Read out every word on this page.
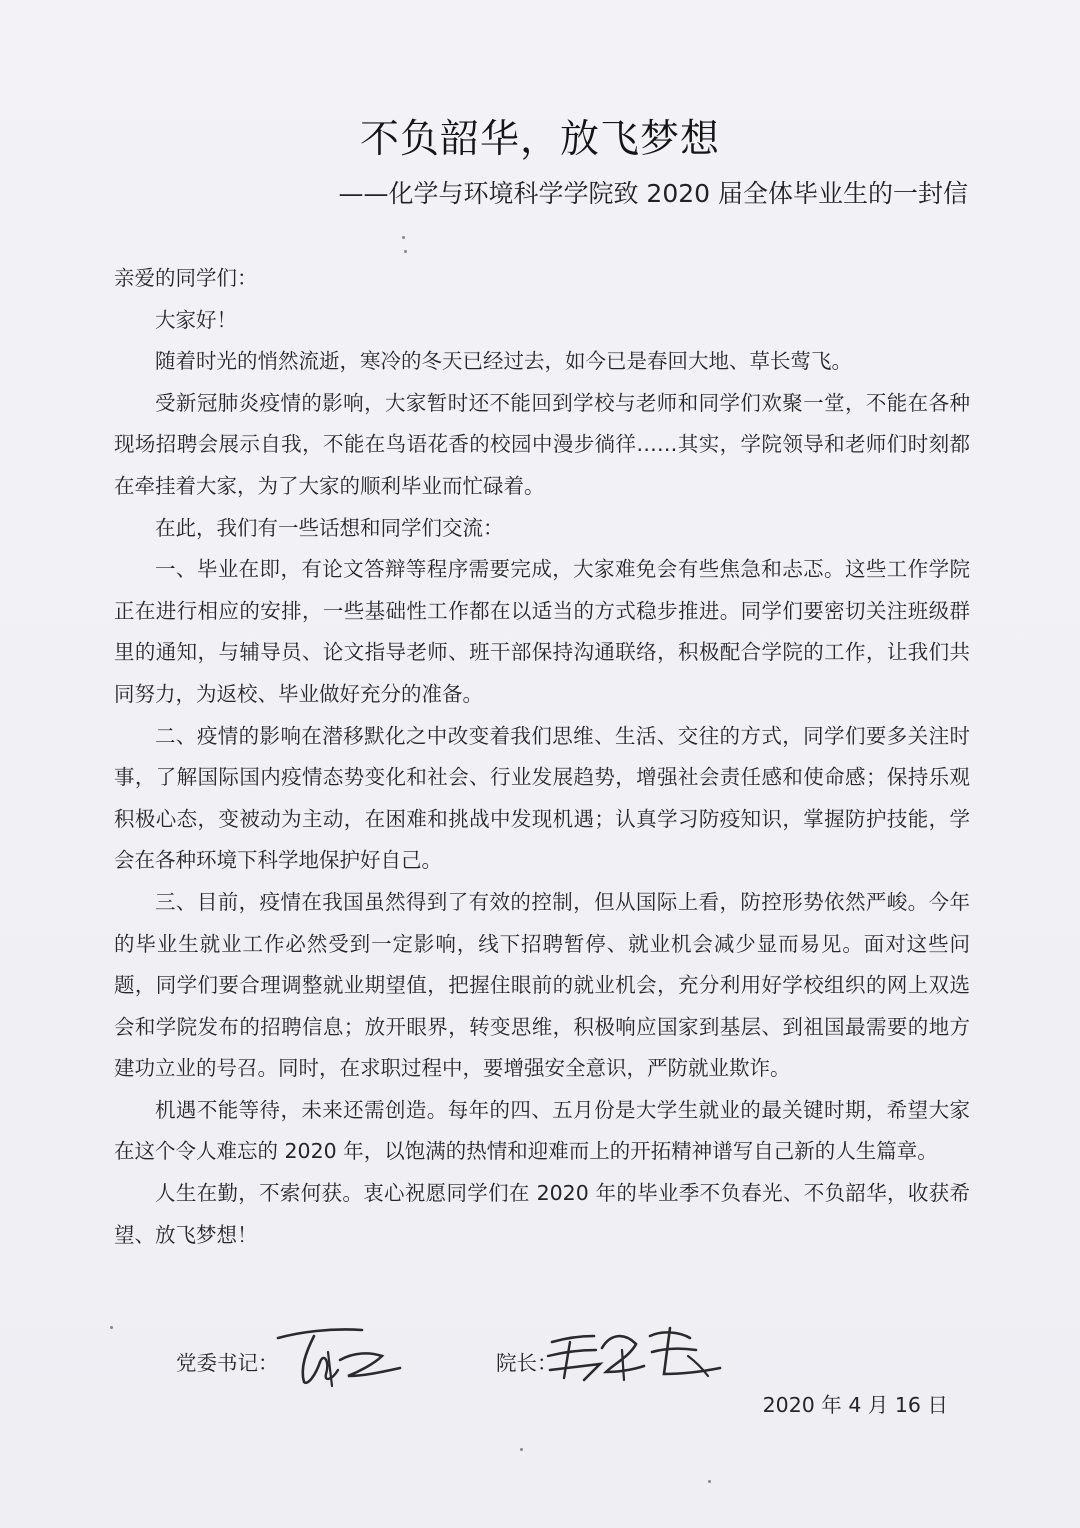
不负韶华，放飞梦想
——化学与环境科学学院致 2020 届全体毕业生的一封信

亲爱的同学们：

大家好！

随着时光的悄然流逝，寒冷的冬天已经过去，如今已是春回大地、草长莺飞。

受新冠肺炎疫情的影响，大家暂时还不能回到学校与老师和同学们欢聚一堂，不能在各种现场招聘会展示自我，不能在鸟语花香的校园中漫步徜徉……其实，学院领导和老师们时刻都在牵挂着大家，为了大家的顺利毕业而忙碌着。

在此，我们有一些话想和同学们交流：

一、毕业在即，有论文答辩等程序需要完成，大家难免会有些焦急和忐忑。这些工作学院正在进行相应的安排，一些基础性工作都在以适当的方式稳步推进。同学们要密切关注班级群里的通知，与辅导员、论文指导老师、班干部保持沟通联络，积极配合学院的工作，让我们共同努力，为返校、毕业做好充分的准备。

二、疫情的影响在潜移默化之中改变着我们思维、生活、交往的方式，同学们要多关注时事，了解国际国内疫情态势变化和社会、行业发展趋势，增强社会责任感和使命感；保持乐观积极心态，变被动为主动，在困难和挑战中发现机遇；认真学习防疫知识，掌握防护技能，学会在各种环境下科学地保护好自己。

三、目前，疫情在我国虽然得到了有效的控制，但从国际上看，防控形势依然严峻。今年的毕业生就业工作必然受到一定影响，线下招聘暂停、就业机会减少显而易见。面对这些问题，同学们要合理调整就业期望值，把握住眼前的就业机会，充分利用好学校组织的网上双选会和学院发布的招聘信息；放开眼界，转变思维，积极响应国家到基层、到祖国最需要的地方建功立业的号召。同时，在求职过程中，要增强安全意识，严防就业欺诈。

机遇不能等待，未来还需创造。每年的四、五月份是大学生就业的最关键时期，希望大家在这个令人难忘的 2020 年，以饱满的热情和迎难而上的开拓精神谱写自己新的人生篇章。

人生在勤，不索何获。衷心祝愿同学们在 2020 年的毕业季不负春光、不负韶华，收获希望、放飞梦想！

党委书记：	院长：
2020 年 4 月 16 日
